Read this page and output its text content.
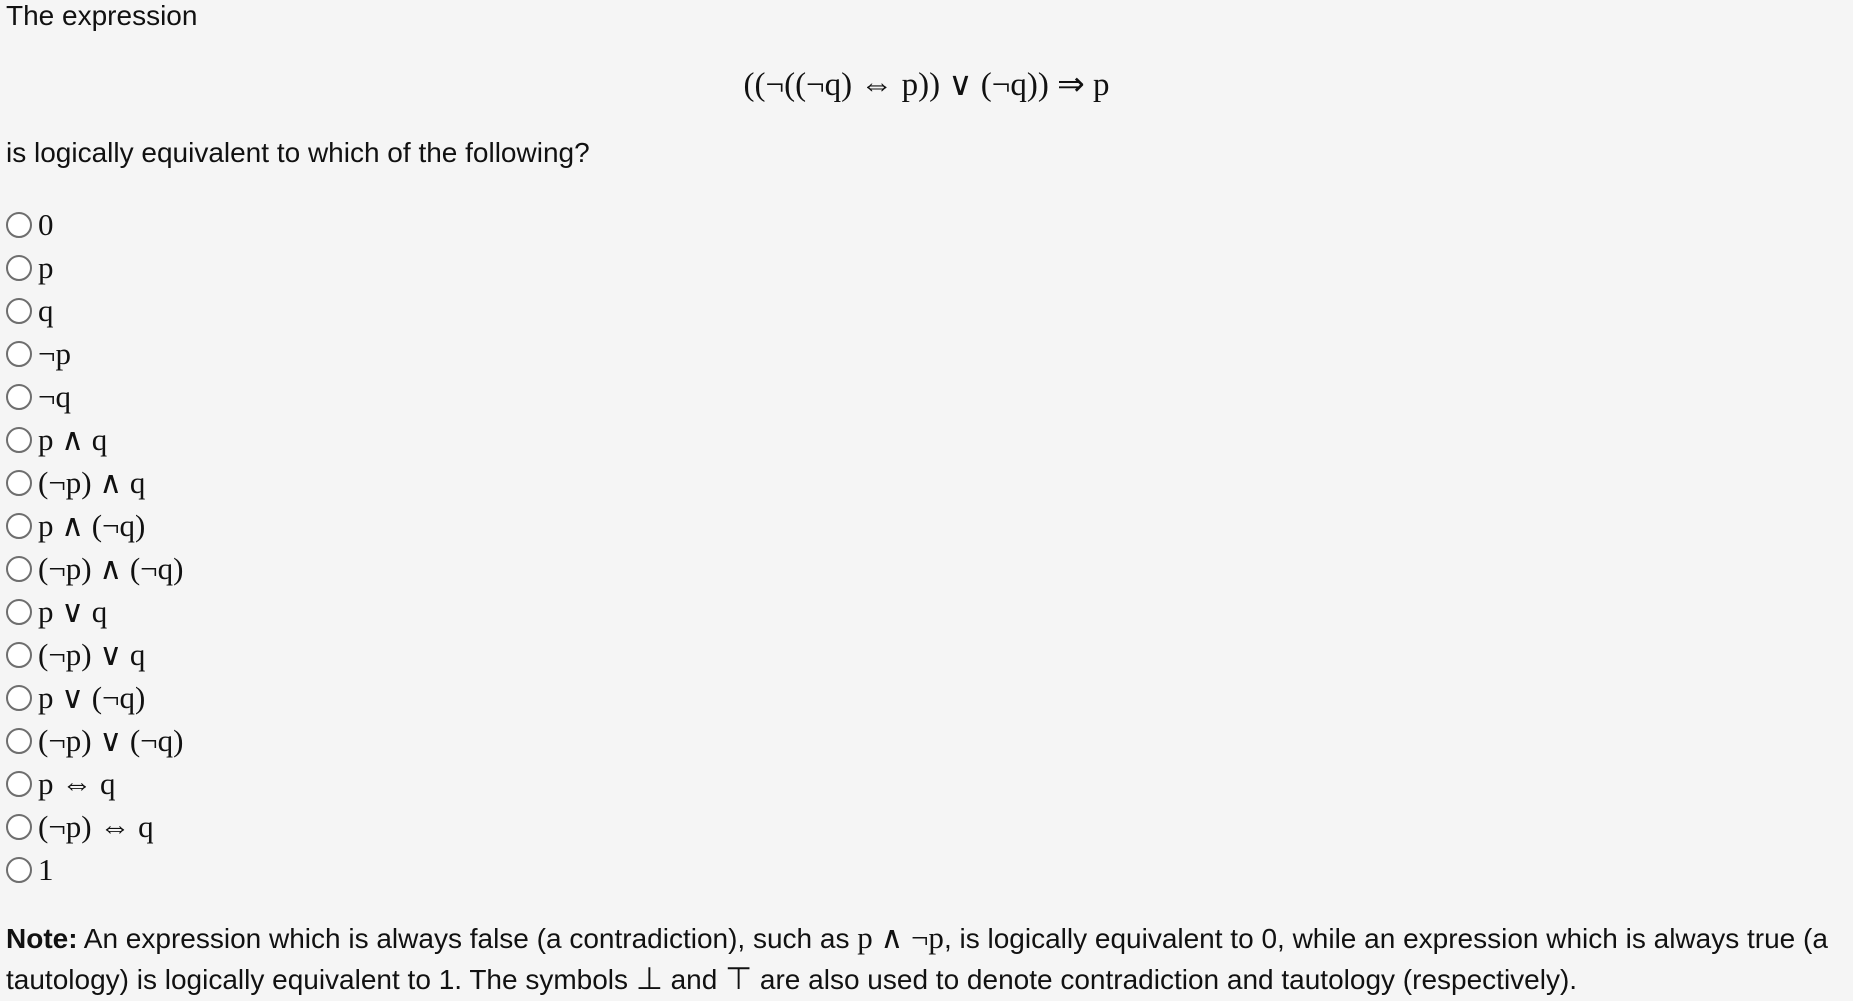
The expression
((¬((¬q) ⇔ p)) ∨ (¬q)) ⇒ p
is logically equivalent to which of the following?
0
p
q
¬p
¬q
p ∧ q
(¬p) ∧ q
p ∧ (¬q)
(¬p) ∧ (¬q)
p ∨ q
(¬p) ∨ q
p ∨ (¬q)
(¬p) ∨ (¬q)
p ⇔ q
(¬p) ⇔ q
1
Note: An expression which is always false (a contradiction), such as p ∧ ¬p, is logically equivalent to 0, while an expression which is always true (a tautology) is logically equivalent to 1. The symbols ⊥ and ⊤ are also used to denote contradiction and tautology (respectively).
